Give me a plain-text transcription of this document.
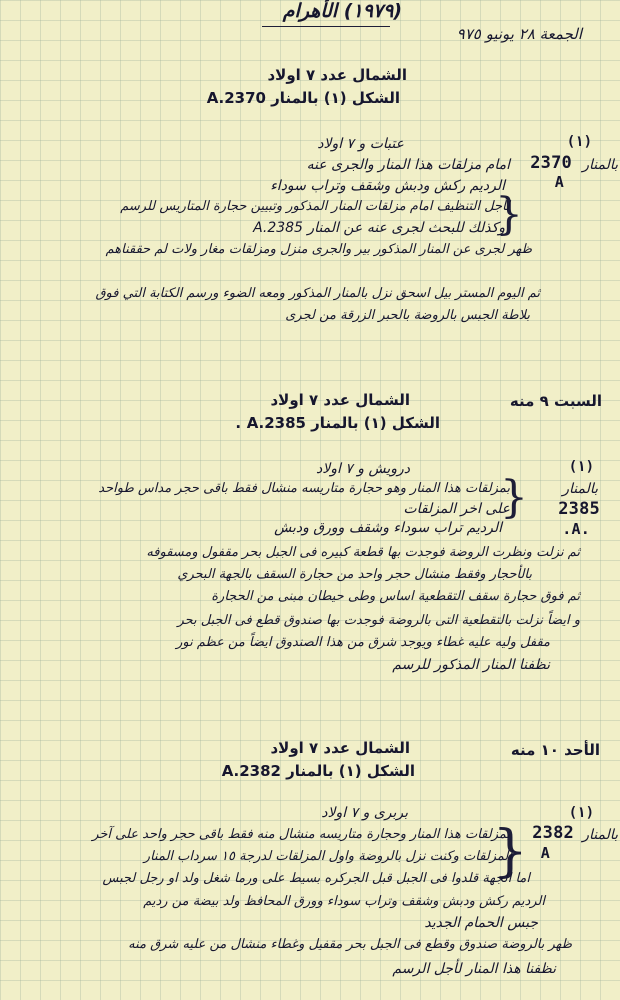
(١٩٧٩) الأهرام
الجمعة ٢٨ يونيو ٩٧٥
الشمال عدد ٧ اولاد
الشكل (١) بالمنار 2370.A
(١)
بالمنار
2370
A
عتبات و ٧ اولاد
امام مزلقات هذا المنار والجرى عنه
الرديم ركش ودبش وشقف وتراب سوداء
{
لأجل التنظيف امام مزلقات المنار المذكور وتبيين حجارة المتاريس للرسم
وكذلك للبحث لجرى عنه عن المنار 2385.A
ظهر لجرى عن المنار المذكور بير والجرى منزل ومزلقات مغار ولات لم حققناهم
ثم اليوم المستر بيل اسحق نزل بالمنار المذكور ومعه الضوء ورسم الكتابة التي فوق
بلاطة الجبس بالروضة بالحبر الزرقة من لجرى
السبت ٩ منه
الشمال عدد ٧ اولاد
الشكل (١) بالمنار 2385.A .
(١)
بالمنار
2385
.A.
درويش و ٧ اولاد
{
بمزلقات هذا المنار وهو حجارة متاريسه منشال فقط باقى حجر مداس طواحد
على اخر المزلقات
الرديم تراب سوداء وشقف وورق ودبش
ثم نزلت ونظرت الروضة فوجدت بها قطعة كبيره فى الجبل بحر مقفول ومسقوفه
بالأحجار وفقط منشال حجر واحد من حجارة السقف بالجهة البحري
ثم فوق حجارة سقف التقطعية اساس وطى حيطان مبنى من الحجارة
و ايضاً نزلت بالتقطعية التى بالروضة فوجدت بها صندوق قطع فى الجبل بحر
مقفل وليه عليه غطاء ويوجد شرق من هذا الصندوق ايضاً من عظم نور
نظفنا المنار المذكور للرسم
الأحد ١٠ منه
الشمال عدد ٧ اولاد
الشكل (١) بالمنار 2382.A
(١)
بالمنار
2382
A
بربرى و ٧ اولاد
{
بمزلقات هذا المنار وحجارة متاريسه منشال منه فقط باقى حجر واحد على آخر
المزلقات وكنت نزل بالروضة واول المزلقات لدرجة ١٥ سرداب المنار
اما الجهة قلدوا فى الجبل قبل الجركره بسيط على ورما شغل ولد او رجل لجبس
الرديم ركش ودبش وشقف وتراب سوداء وورق المحافظ ولد بيضة من رديم
جبس الحمام الجديد
ظهر بالروضة صندوق وقطع فى الجبل بحر مقفيل وغطاء منشال من عليه شرق منه
نظفنا هذا المنار لأجل الرسم
